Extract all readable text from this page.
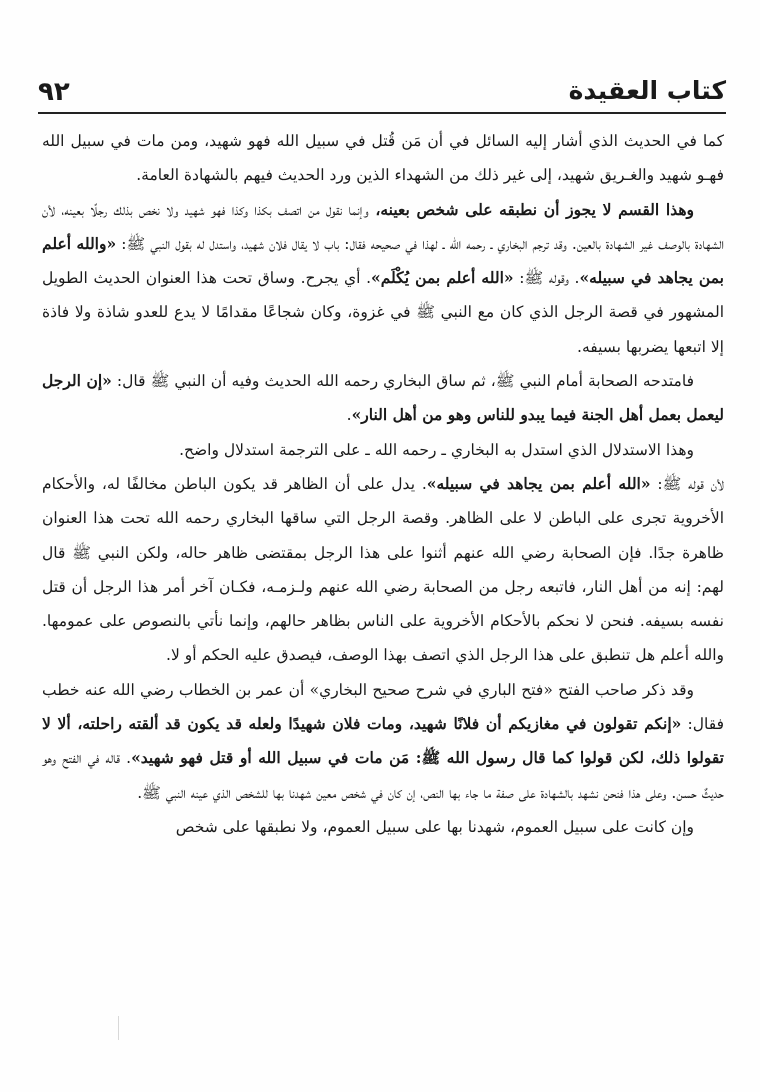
٩٢	كتاب العقيدة

كما في الحديث الذي أشار إليه السائل في أن مَن قُتل في سبيل الله فهو شهيد، ومن مات في سبيل الله فهـو شهيد والغـريق شهيد، إلى غير ذلك من الشهداء الذين ورد الحديث فيهم بالشهادة العامة.

وهذا القسم لا يجوز أن نطبقه على شخص بعينه، وإنما نقول من اتصف بكذا وكذا فهو شهيد ولا نخص بذلك رجلًا بعينه، لأن الشهادة بالوصف غير الشهادة بالعين. وقد ترجم البخاري ـ رحمه الله ـ لهذا في صحيحه فقال: باب لا يقال فلان شهيد، واستدل له بقول النبي ﷺ: «والله أعلم بمن يجاهد في سبيله». وقوله ﷺ: «الله أعلم بمن يُكْلَم». أي يجرح. وساق تحت هذا العنوان الحديث الطويل المشهور في قصة الرجل الذي كان مع النبي ﷺ في غزوة، وكان شجاعًا مقدامًا لا يدع للعدو شاذة ولا فاذة إلا اتبعها يضربها بسيفه.

فامتدحه الصحابة أمام النبي ﷺ، ثم ساق البخاري رحمه الله الحديث وفيه أن النبي ﷺ قال: «إن الرجل ليعمل بعمل أهل الجنة فيما يبدو للناس وهو من أهل النار».

وهذا الاستدلال الذي استدل به البخاري ـ رحمه الله ـ على الترجمة استدلال واضح.

لأن قوله ﷺ: «الله أعلم بمن يجاهد في سبيله». يدل على أن الظاهر قد يكون الباطن مخالفًا له، والأحكام الأخروية تجرى على الباطن لا على الظاهر. وقصة الرجل التي ساقها البخاري رحمه الله تحت هذا العنوان ظاهرة جدًا. فإن الصحابة رضي الله عنهم أثنوا على هذا الرجل بمقتضى ظاهر حاله، ولكن النبي ﷺ قال لهم: إنه من أهل النار، فاتبعه رجل من الصحابة رضي الله عنهم ولـزمـه، فكـان آخر أمر هذا الرجل أن قتل نفسه بسيفه. فنحن لا نحكم بالأحكام الأخروية على الناس بظاهر حالهم، وإنما نأتي بالنصوص على عمومها. والله أعلم هل تنطبق على هذا الرجل الذي اتصف بهذا الوصف، فيصدق عليه الحكم أو لا.

وقد ذكر صاحب الفتح «فتح الباري في شرح صحيح البخاري» أن عمر بن الخطاب رضي الله عنه خطب فقال: «إنكم تقولون في مغازيكم أن فلانًا شهيد، ومات فلان شهيدًا ولعله قد يكون قد ألقته راحلته، ألا لا تقولوا ذلك، لكن قولوا كما قال رسول الله ﷺ: مَن مات في سبيل الله أو قتل فهو شهيد». قاله في الفتح وهو حديثٌ حسن. وعلى هذا فنحن نشهد بالشهادة على صفة ما جاء بها النص، إن كان في شخص معين شهدنا بها للشخص الذي عينه النبي ﷺ.

وإن كانت على سبيل العموم، شهدنا بها على سبيل العموم، ولا نطبقها على شخص
